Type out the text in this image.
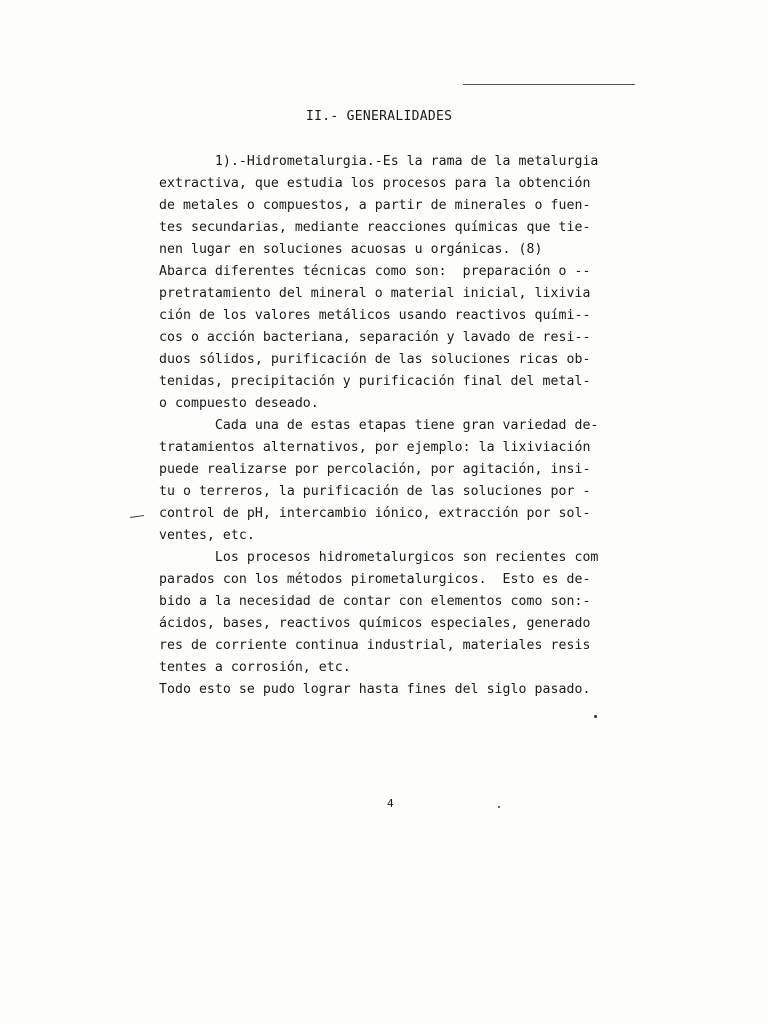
II.- GENERALIDADES
1).-Hidrometalurgia.-Es la rama de la metalurgia
extractiva, que estudia los procesos para la obtención
de metales o compuestos, a partir de minerales o fuen-
tes secundarias, mediante reacciones químicas que tie-
nen lugar en soluciones acuosas u orgánicas. (8)
Abarca diferentes técnicas como son:  preparación o --
pretratamiento del mineral o material inicial, lixivia
ción de los valores metálicos usando reactivos quími--
cos o acción bacteriana, separación y lavado de resi--
duos sólidos, purificación de las soluciones ricas ob-
tenidas, precipitación y purificación final del metal-
o compuesto deseado.
Cada una de estas etapas tiene gran variedad de-
tratamientos alternativos, por ejemplo: la lixiviación
puede realizarse por percolación, por agitación, insi-
tu o terreros, la purificación de las soluciones por -
control de pH, intercambio iónico, extracción por sol-
ventes, etc.
Los procesos hidrometalurgicos son recientes com
parados con los métodos pirometalurgicos.  Esto es de-
bido a la necesidad de contar con elementos como son:-
ácidos, bases, reactivos químicos especiales, generado
res de corriente continua industrial, materiales resis
tentes a corrosión, etc.
Todo esto se pudo lograr hasta fines del siglo pasado.
4
